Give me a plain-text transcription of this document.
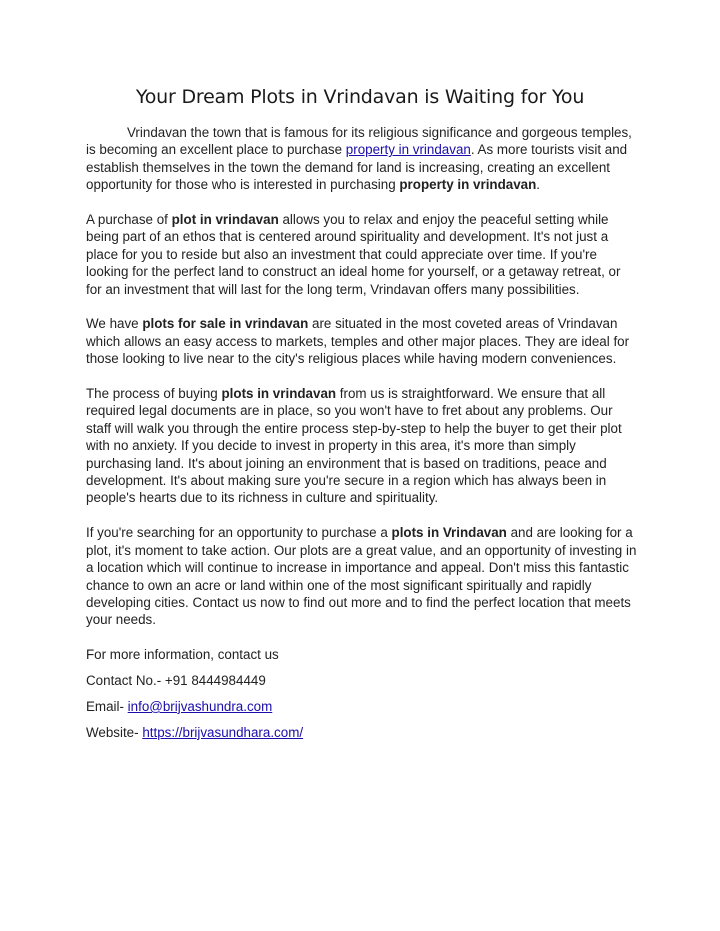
Your Dream Plots in Vrindavan is Waiting for You

Vrindavan the town that is famous for its religious significance and gorgeous temples, is becoming an excellent place to purchase property in vrindavan. As more tourists visit and establish themselves in the town the demand for land is increasing, creating an excellent opportunity for those who is interested in purchasing property in vrindavan.

A purchase of plot in vrindavan allows you to relax and enjoy the peaceful setting while being part of an ethos that is centered around spirituality and development. It's not just a place for you to reside but also an investment that could appreciate over time. If you're looking for the perfect land to construct an ideal home for yourself, or a getaway retreat, or for an investment that will last for the long term, Vrindavan offers many possibilities.

We have plots for sale in vrindavan are situated in the most coveted areas of Vrindavan which allows an easy access to markets, temples and other major places. They are ideal for those looking to live near to the city's religious places while having modern conveniences.

The process of buying plots in vrindavan from us is straightforward. We ensure that all required legal documents are in place, so you won't have to fret about any problems. Our staff will walk you through the entire process step-by-step to help the buyer to get their plot with no anxiety. If you decide to invest in property in this area, it's more than simply purchasing land. It's about joining an environment that is based on traditions, peace and development. It's about making sure you're secure in a region which has always been in people's hearts due to its richness in culture and spirituality.

If you're searching for an opportunity to purchase a plots in Vrindavan and are looking for a plot, it's moment to take action. Our plots are a great value, and an opportunity of investing in a location which will continue to increase in importance and appeal. Don't miss this fantastic chance to own an acre or land within one of the most significant spiritually and rapidly developing cities. Contact us now to find out more and to find the perfect location that meets your needs.

For more information, contact us

Contact No.- +91 8444984449

Email- info@brijvashundra.com

Website- https://brijvasundhara.com/
